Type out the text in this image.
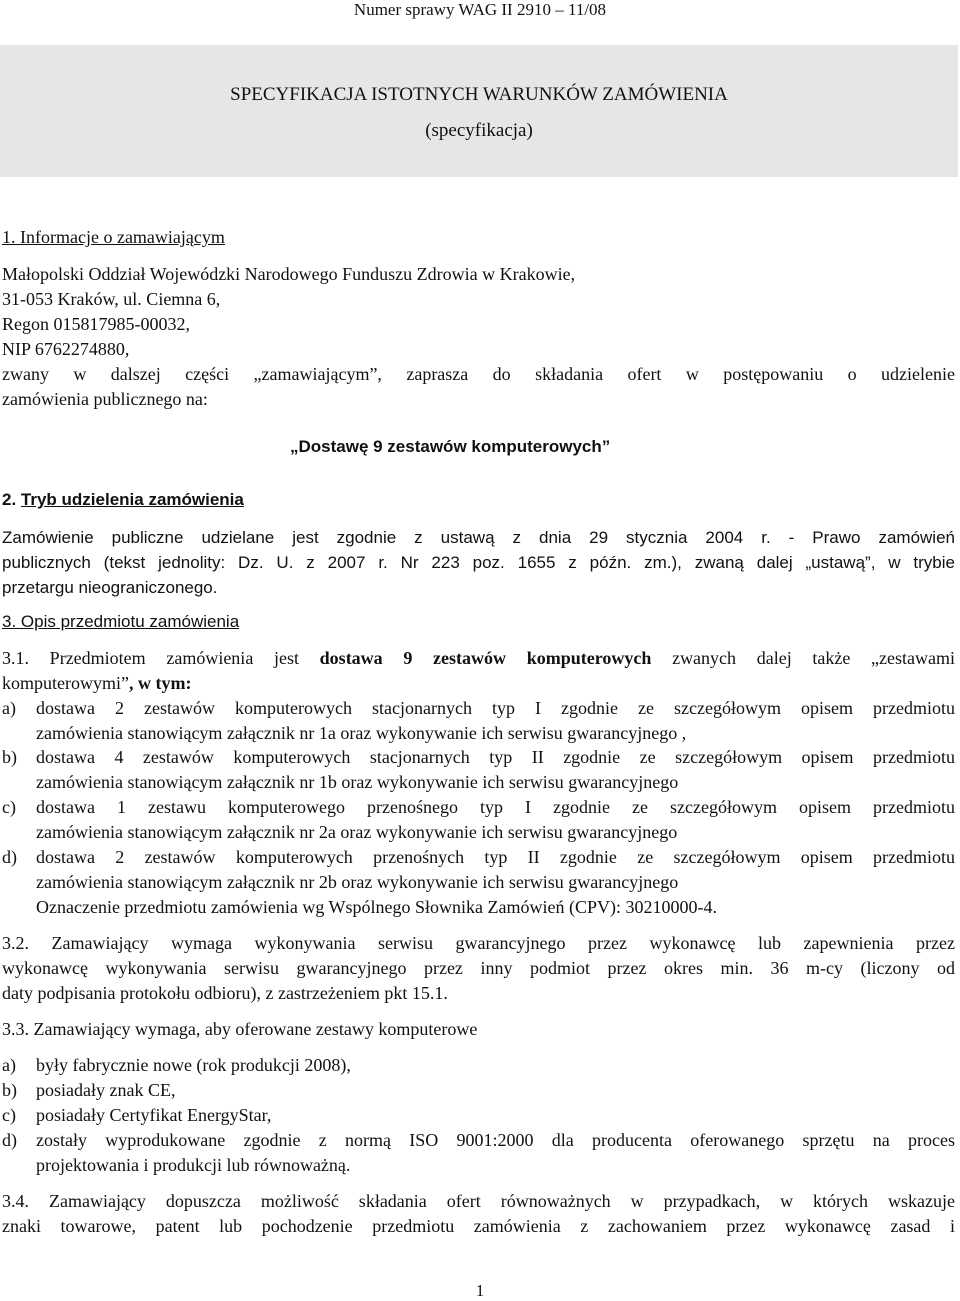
Numer sprawy WAG II 2910 – 11/08
SPECYFIKACJA ISTOTNYCH WARUNKÓW ZAMÓWIENIA
(specyfikacja)
1. Informacje o zamawiającym
Małopolski Oddział Wojewódzki Narodowego Funduszu Zdrowia w Krakowie,
31-053 Kraków, ul. Ciemna 6,
Regon 015817985-00032,
NIP 6762274880,
zwany w dalszej części „zamawiającym”, zaprasza do składania ofert w postępowaniu o udzielenie
zamówienia publicznego na:
„Dostawę 9 zestawów komputerowych”
2. Tryb udzielenia zamówienia
Zamówienie publiczne udzielane jest zgodnie z ustawą z dnia 29 stycznia 2004 r. - Prawo zamówień
publicznych (tekst jednolity: Dz. U. z 2007 r. Nr 223 poz. 1655 z późn. zm.), zwaną dalej „ustawą”, w trybie
przetargu nieograniczonego.
3. Opis przedmiotu zamówienia
3.1. Przedmiotem zamówienia jest dostawa 9 zestawów komputerowych zwanych dalej także „zestawami
komputerowymi”, w tym:
a) dostawa 2 zestawów komputerowych stacjonarnych typ I zgodnie ze szczegółowym opisem przedmiotu
zamówienia stanowiącym załącznik nr 1a oraz wykonywanie ich serwisu gwarancyjnego ,
b) dostawa 4 zestawów komputerowych stacjonarnych typ II zgodnie ze szczegółowym opisem przedmiotu
zamówienia stanowiącym załącznik nr 1b oraz wykonywanie ich serwisu gwarancyjnego
c) dostawa 1 zestawu komputerowego przenośnego typ I zgodnie ze szczegółowym opisem przedmiotu
zamówienia stanowiącym załącznik nr 2a oraz wykonywanie ich serwisu gwarancyjnego
d) dostawa 2 zestawów komputerowych przenośnych typ II zgodnie ze szczegółowym opisem przedmiotu
zamówienia stanowiącym załącznik nr 2b oraz wykonywanie ich serwisu gwarancyjnego
Oznaczenie przedmiotu zamówienia wg Wspólnego Słownika Zamówień (CPV): 30210000-4.
3.2. Zamawiający wymaga wykonywania serwisu gwarancyjnego przez wykonawcę lub zapewnienia przez
wykonawcę wykonywania serwisu gwarancyjnego przez inny podmiot przez okres min. 36 m-cy (liczony od
daty podpisania protokołu odbioru), z zastrzeżeniem pkt 15.1.
3.3. Zamawiający wymaga, aby oferowane zestawy komputerowe
a) były fabrycznie nowe (rok produkcji 2008),
b) posiadały znak CE,
c) posiadały Certyfikat EnergyStar,
d) zostały wyprodukowane zgodnie z normą ISO 9001:2000 dla producenta oferowanego sprzętu na proces
projektowania i produkcji lub równoważną.
3.4. Zamawiający dopuszcza możliwość składania ofert równoważnych w przypadkach, w których wskazuje
znaki towarowe, patent lub pochodzenie przedmiotu zamówienia z zachowaniem przez wykonawcę zasad i
1
